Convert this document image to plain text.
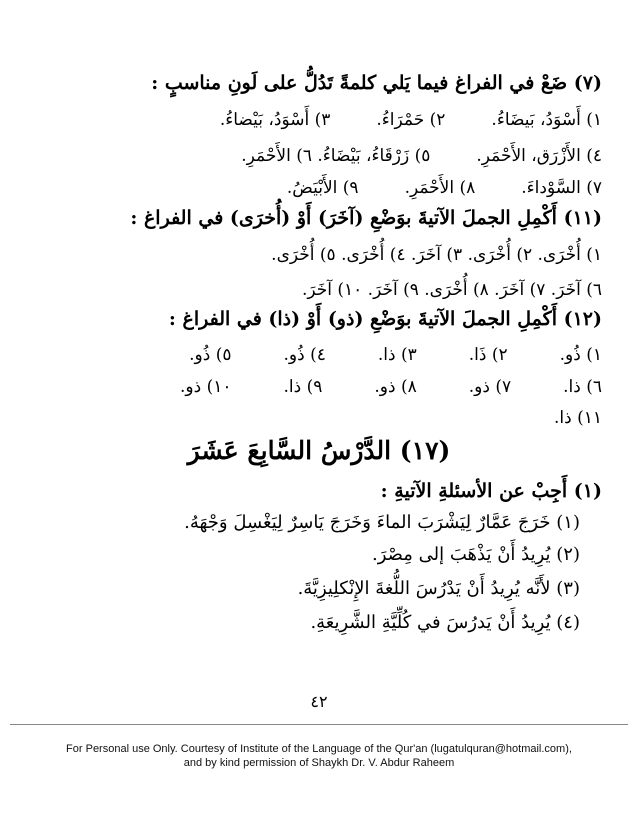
(٧) ضَعْ في الفراغ فيما يَلي كلمةً تَدُلُّ على لَونِ مناسبٍ :
١) أَسْوَدُ، بَيضَاءُ.
٢) حَمْرَاءُ.
٣) أَسْوَدُ، بَيْضاءُ.
٤) الأَزْرَق، الأَحْمَرِ.
٥) زَرْقَاءُ، بَيْضَاءُ. ٦) الأَحْمَرِ.
٧) السَّوْداءَ.
٨) الأَحْمَرِ.
٩) الأَبْيَضُ.
(١١) أَكْمِلِ الجملَ الآتيةَ بوَضْعِ (آخَرَ) أَوْ (أُخرَى) في الفراغ :
١) أُخْرَى. ٢) أُخْرَى. ٣) آخَرَ. ٤) أُخْرَى. ٥) أُخْرَى.
٦) آخَرَ. ٧) آخَرَ. ٨) أُخْرَى. ٩) آخَرَ. ١٠) آخَرَ.
(١٢) أَكْمِلِ الجملَ الآتيةَ بوَضْعِ (ذو) أَوْ (ذا) في الفراغ :
١) ذُو.
٢) ذَا.
٣) ذا.
٤) ذُو.
٥) ذُو.
٦) ذا.
٧) ذو.
٨) ذو.
٩) ذا.
١٠) ذو.
١١) ذا.
(١٧) الدَّرْسُ السَّابِعَ عَشَرَ
(١) أَجِبْ عن الأسئلةِ الآتيةِ :
(١) خَرَجَ عَمَّارٌ لِيَشْرَبَ الماءَ وَخَرَجَ يَاسِرٌ لِيَغْسِلَ وَجْهَهُ.
(٢) يُرِيدُ أَنْ يَذْهَبَ إلى مِصْرَ.
(٣) لأَنَّه يُرِيدُ أَنْ يَدْرُسَ اللُّغةَ الإِنْكلِيزِيَّةَ.
(٤) يُرِيدُ أَنْ يَدرُسَ في كُلِّيَّةِ الشَّرِيعَةِ.
٤٢
For Personal use Only. Courtesy of Institute of the Language of the Qur'an (lugatulquran@hotmail.com),
and by kind permission of Shaykh Dr. V. Abdur Raheem
